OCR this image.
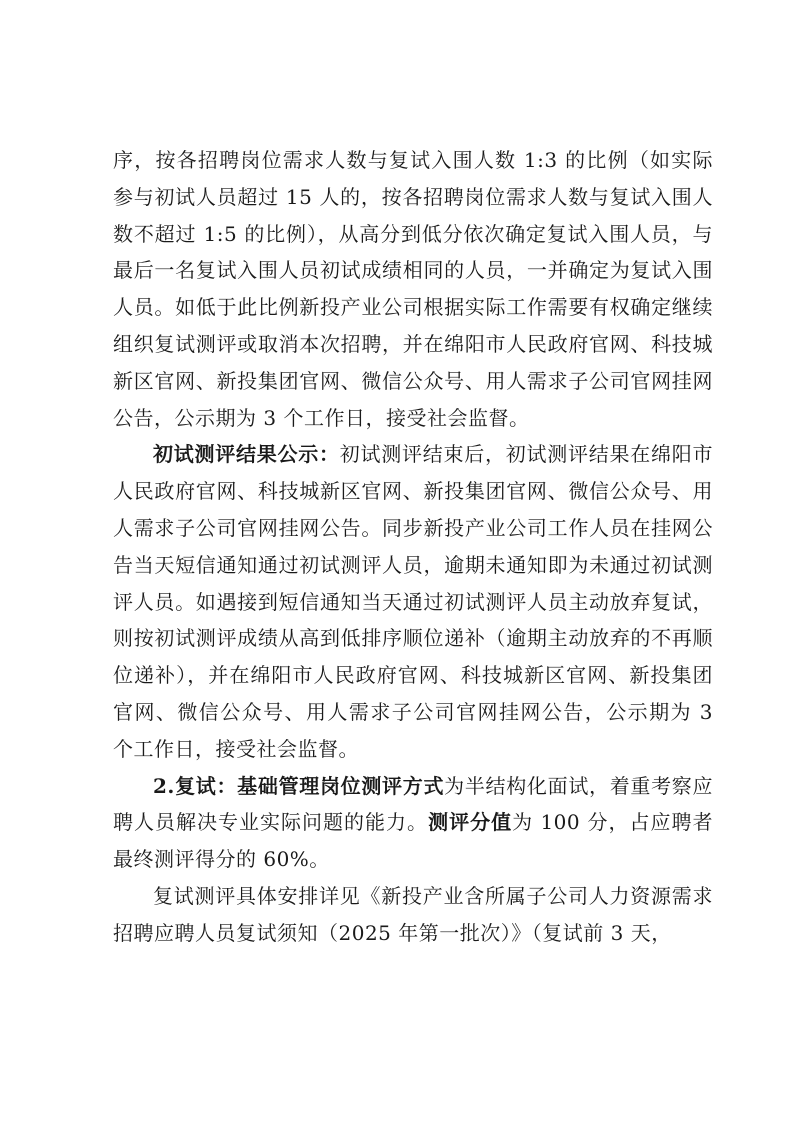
序，按各招聘岗位需求人数与复试入围人数 1:3 的比例（如实际参与初试人员超过 15 人的，按各招聘岗位需求人数与复试入围人数不超过 1:5 的比例），从高分到低分依次确定复试入围人员，与最后一名复试入围人员初试成绩相同的人员，一并确定为复试入围人员。如低于此比例新投产业公司根据实际工作需要有权确定继续组织复试测评或取消本次招聘，并在绵阳市人民政府官网、科技城新区官网、新投集团官网、微信公众号、用人需求子公司官网挂网公告，公示期为 3 个工作日，接受社会监督。

初试测评结果公示：初试测评结束后，初试测评结果在绵阳市人民政府官网、科技城新区官网、新投集团官网、微信公众号、用人需求子公司官网挂网公告。同步新投产业公司工作人员在挂网公告当天短信通知通过初试测评人员，逾期未通知即为未通过初试测评人员。如遇接到短信通知当天通过初试测评人员主动放弃复试，则按初试测评成绩从高到低排序顺位递补（逾期主动放弃的不再顺位递补），并在绵阳市人民政府官网、科技城新区官网、新投集团官网、微信公众号、用人需求子公司官网挂网公告，公示期为 3 个工作日，接受社会监督。

2.复试：基础管理岗位测评方式为半结构化面试，着重考察应聘人员解决专业实际问题的能力。测评分值为 100 分，占应聘者最终测评得分的 60%。

复试测评具体安排详见《新投产业含所属子公司人力资源需求招聘应聘人员复试须知（2025 年第一批次）》（复试前 3 天，
